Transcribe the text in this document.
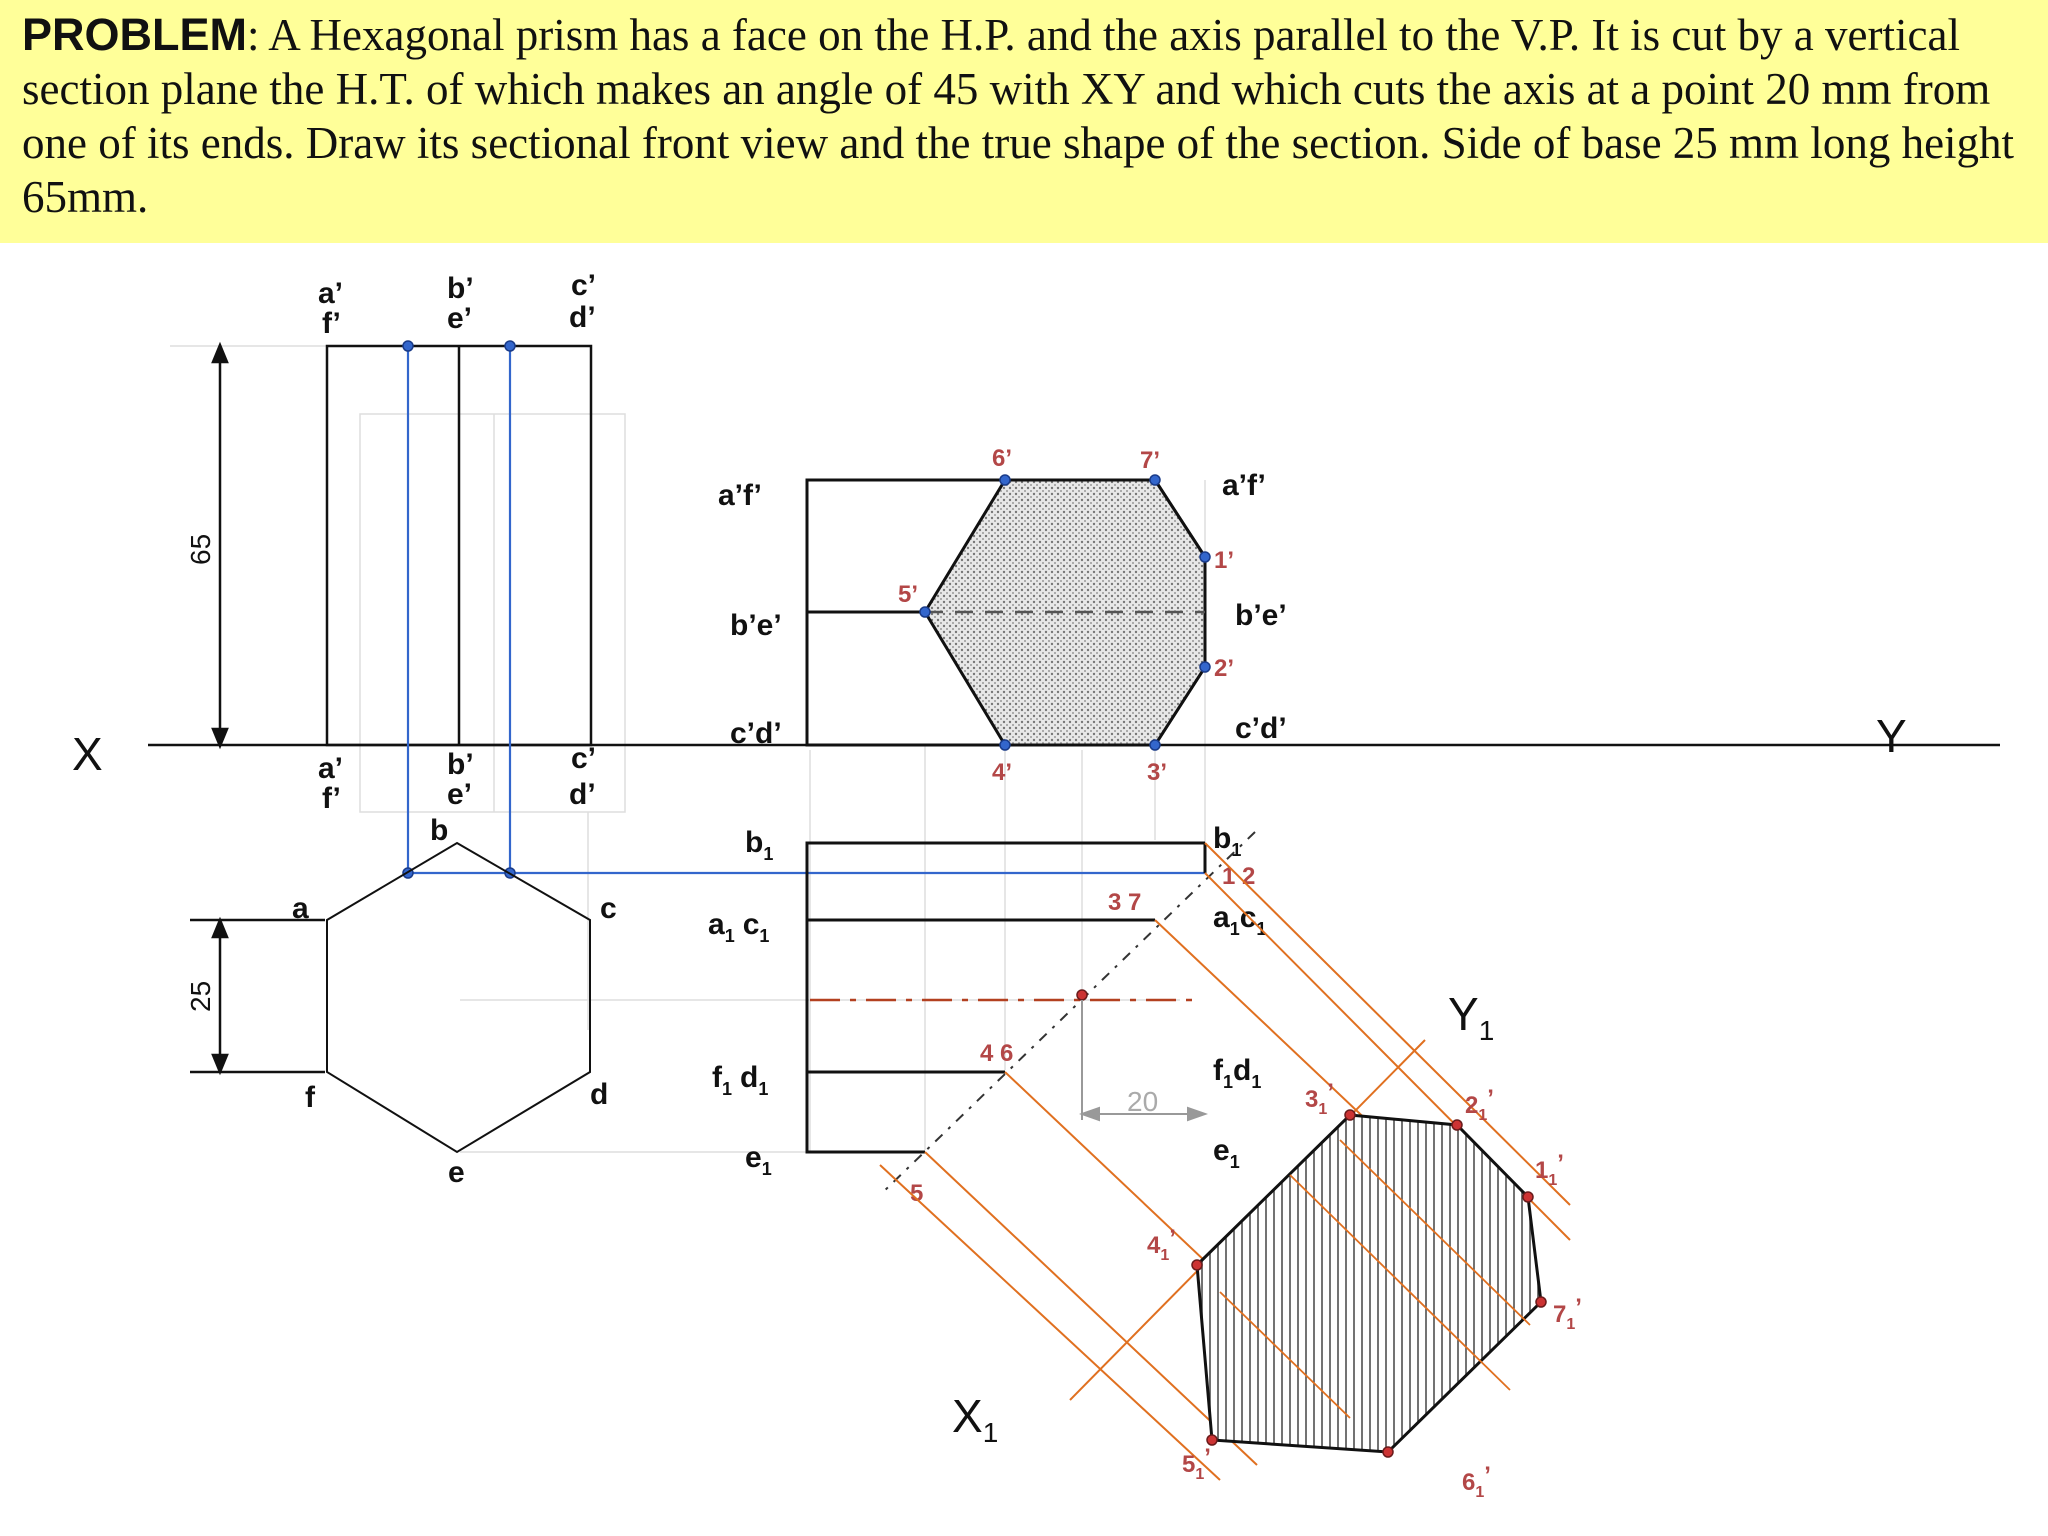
PROBLEM: A Hexagonal prism has a face on the H.P. and the axis parallel to the V.P. It is cut by a vertical section plane the H.T. of which makes an angle of 45 with XY and which cuts the axis at a point 20 mm from one of its ends. Draw its sectional front view and the true shape of the section. Side of base 25 mm long height 65mm.

X	Y
a’
f’
b’
e’
c’
d’
a’
f’
b’
e’
c’
d’
65
b
a	c
f	d
e
25
a’f’
b’e’
c’d’
a’f’
b’e’
c’d’
1’
2’
3’
4’
5’
6’	7’
20
$b_1$
$a_1$ $c_1$
$f_1$ $d_1$
$e_1$
$b_1$
$a_1c_1$
$f_1d_1$
$e_1$
1 2
3 7
4 6
5
$X_1$
$Y_1$
$1_1$’
$2_1$’
$3_1$’
$4_1$’
$5_1$’
$6_1$’
$7_1$’
